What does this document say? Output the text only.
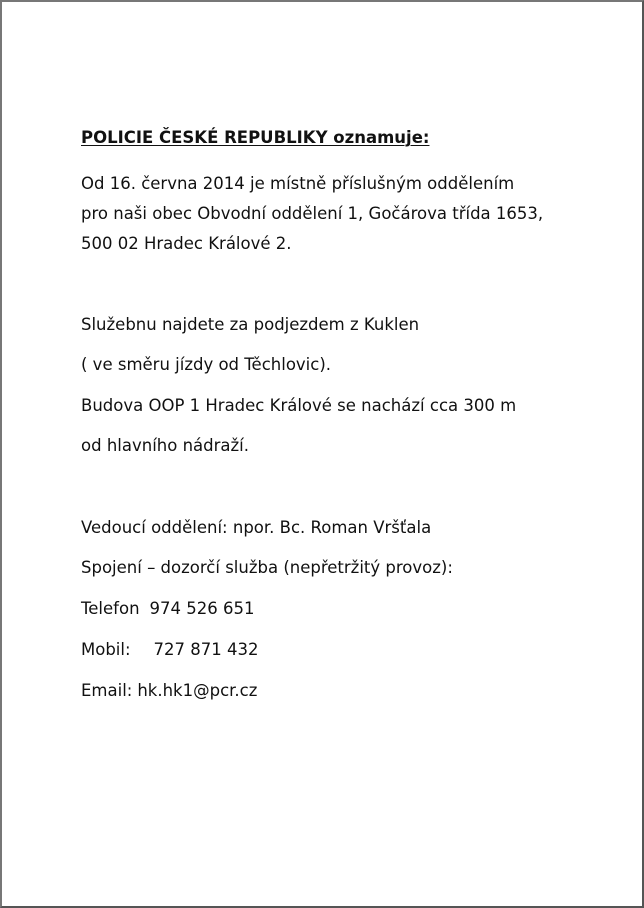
POLICIE ČESKÉ REPUBLIKY oznamuje:
Od 16. června 2014 je místně příslušným oddělením
pro naši obec Obvodní oddělení 1, Gočárova třída 1653,
500 02 Hradec Králové 2.
Služebnu najdete za podjezdem z Kuklen
( ve směru jízdy od Těchlovic).
Budova OOP 1 Hradec Králové se nachází cca 300 m
od hlavního nádraží.
Vedoucí oddělení: npor. Bc. Roman Vršťala
Spojení – dozorčí služba (nepřetržitý provoz):
Telefon 974 526 651
Mobil: 727 871 432
Email: hk.hk1@pcr.cz
